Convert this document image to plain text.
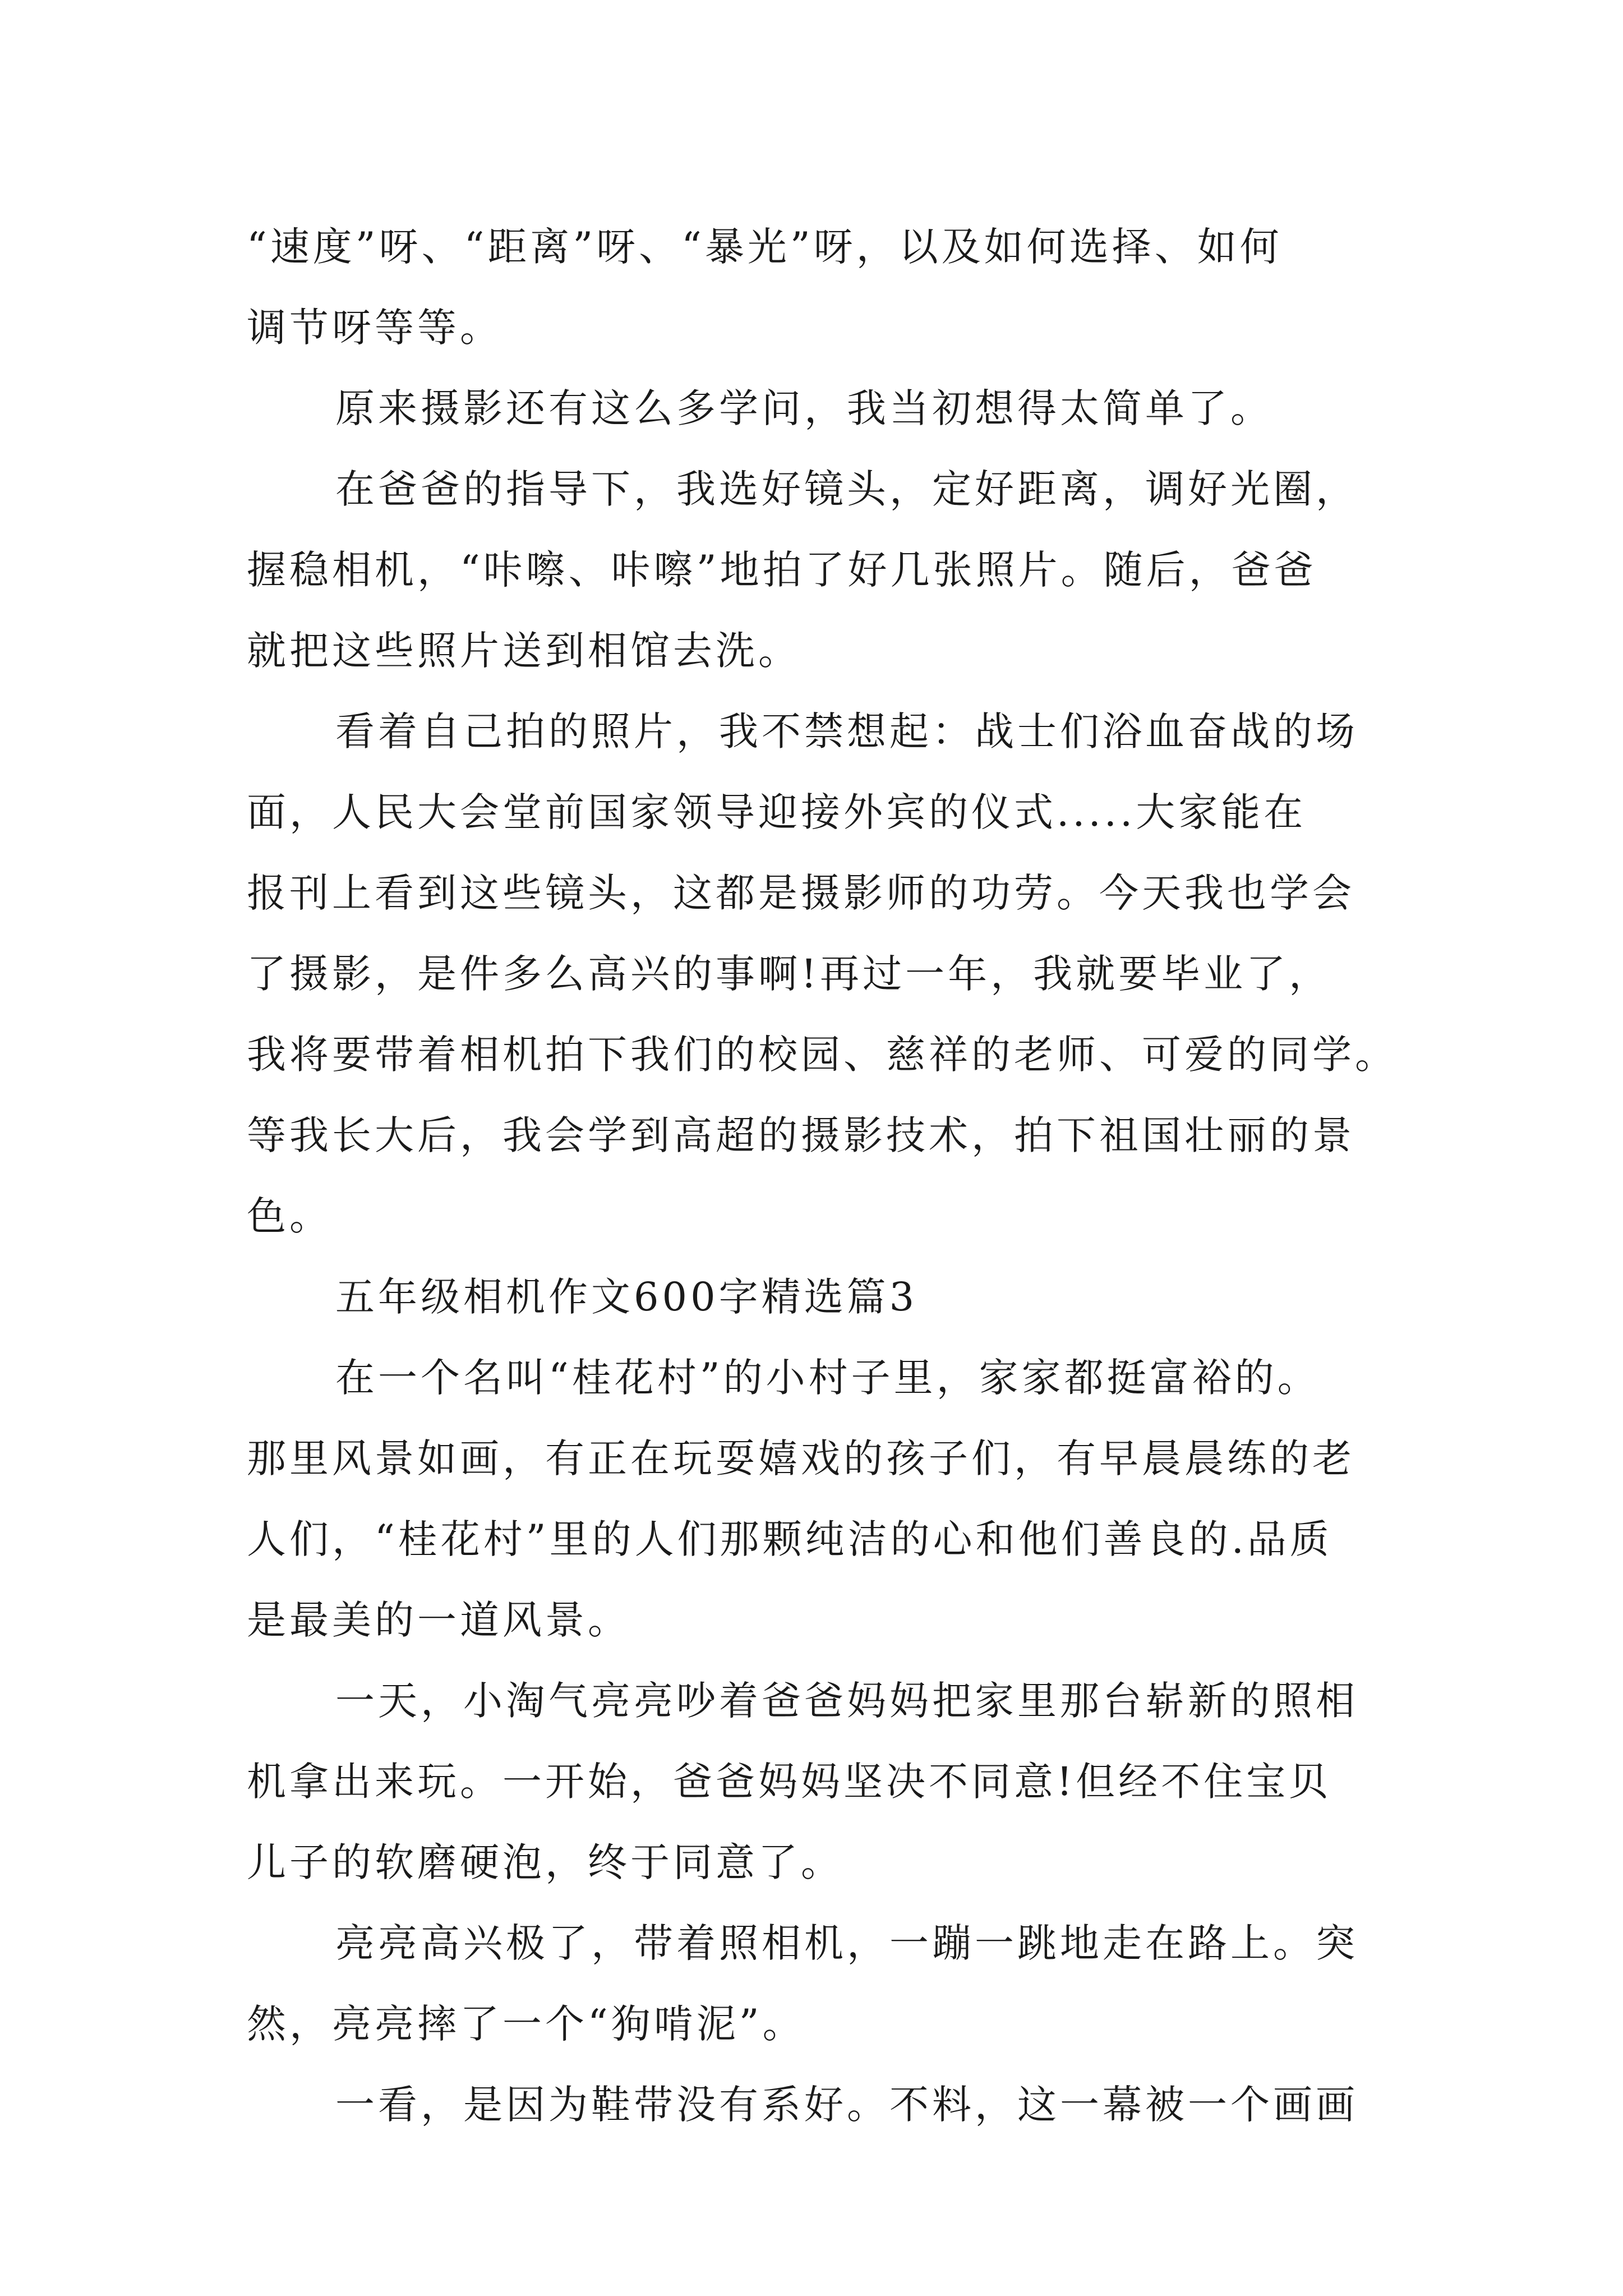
“速度”呀、“距离”呀、“暴光”呀，以及如何选择、如何
调节呀等等。
原来摄影还有这么多学问，我当初想得太简单了。
在爸爸的指导下，我选好镜头，定好距离，调好光圈，
握稳相机，“咔嚓、咔嚓”地拍了好几张照片。随后，爸爸
就把这些照片送到相馆去洗。
看着自己拍的照片，我不禁想起：战士们浴血奋战的场
面，人民大会堂前国家领导迎接外宾的仪式.....大家能在
报刊上看到这些镜头，这都是摄影师的功劳。今天我也学会
了摄影，是件多么高兴的事啊!再过一年，我就要毕业了，
我将要带着相机拍下我们的校园、慈祥的老师、可爱的同学。
等我长大后，我会学到高超的摄影技术，拍下祖国壮丽的景
色。
五年级相机作文600字精选篇3
在一个名叫“桂花村”的小村子里，家家都挺富裕的。
那里风景如画，有正在玩耍嬉戏的孩子们，有早晨晨练的老
人们，“桂花村”里的人们那颗纯洁的心和他们善良的.品质
是最美的一道风景。
一天，小淘气亮亮吵着爸爸妈妈把家里那台崭新的照相
机拿出来玩。一开始，爸爸妈妈坚决不同意!但经不住宝贝
儿子的软磨硬泡，终于同意了。
亮亮高兴极了，带着照相机，一蹦一跳地走在路上。突
然，亮亮摔了一个“狗啃泥”。
一看，是因为鞋带没有系好。不料，这一幕被一个画画
